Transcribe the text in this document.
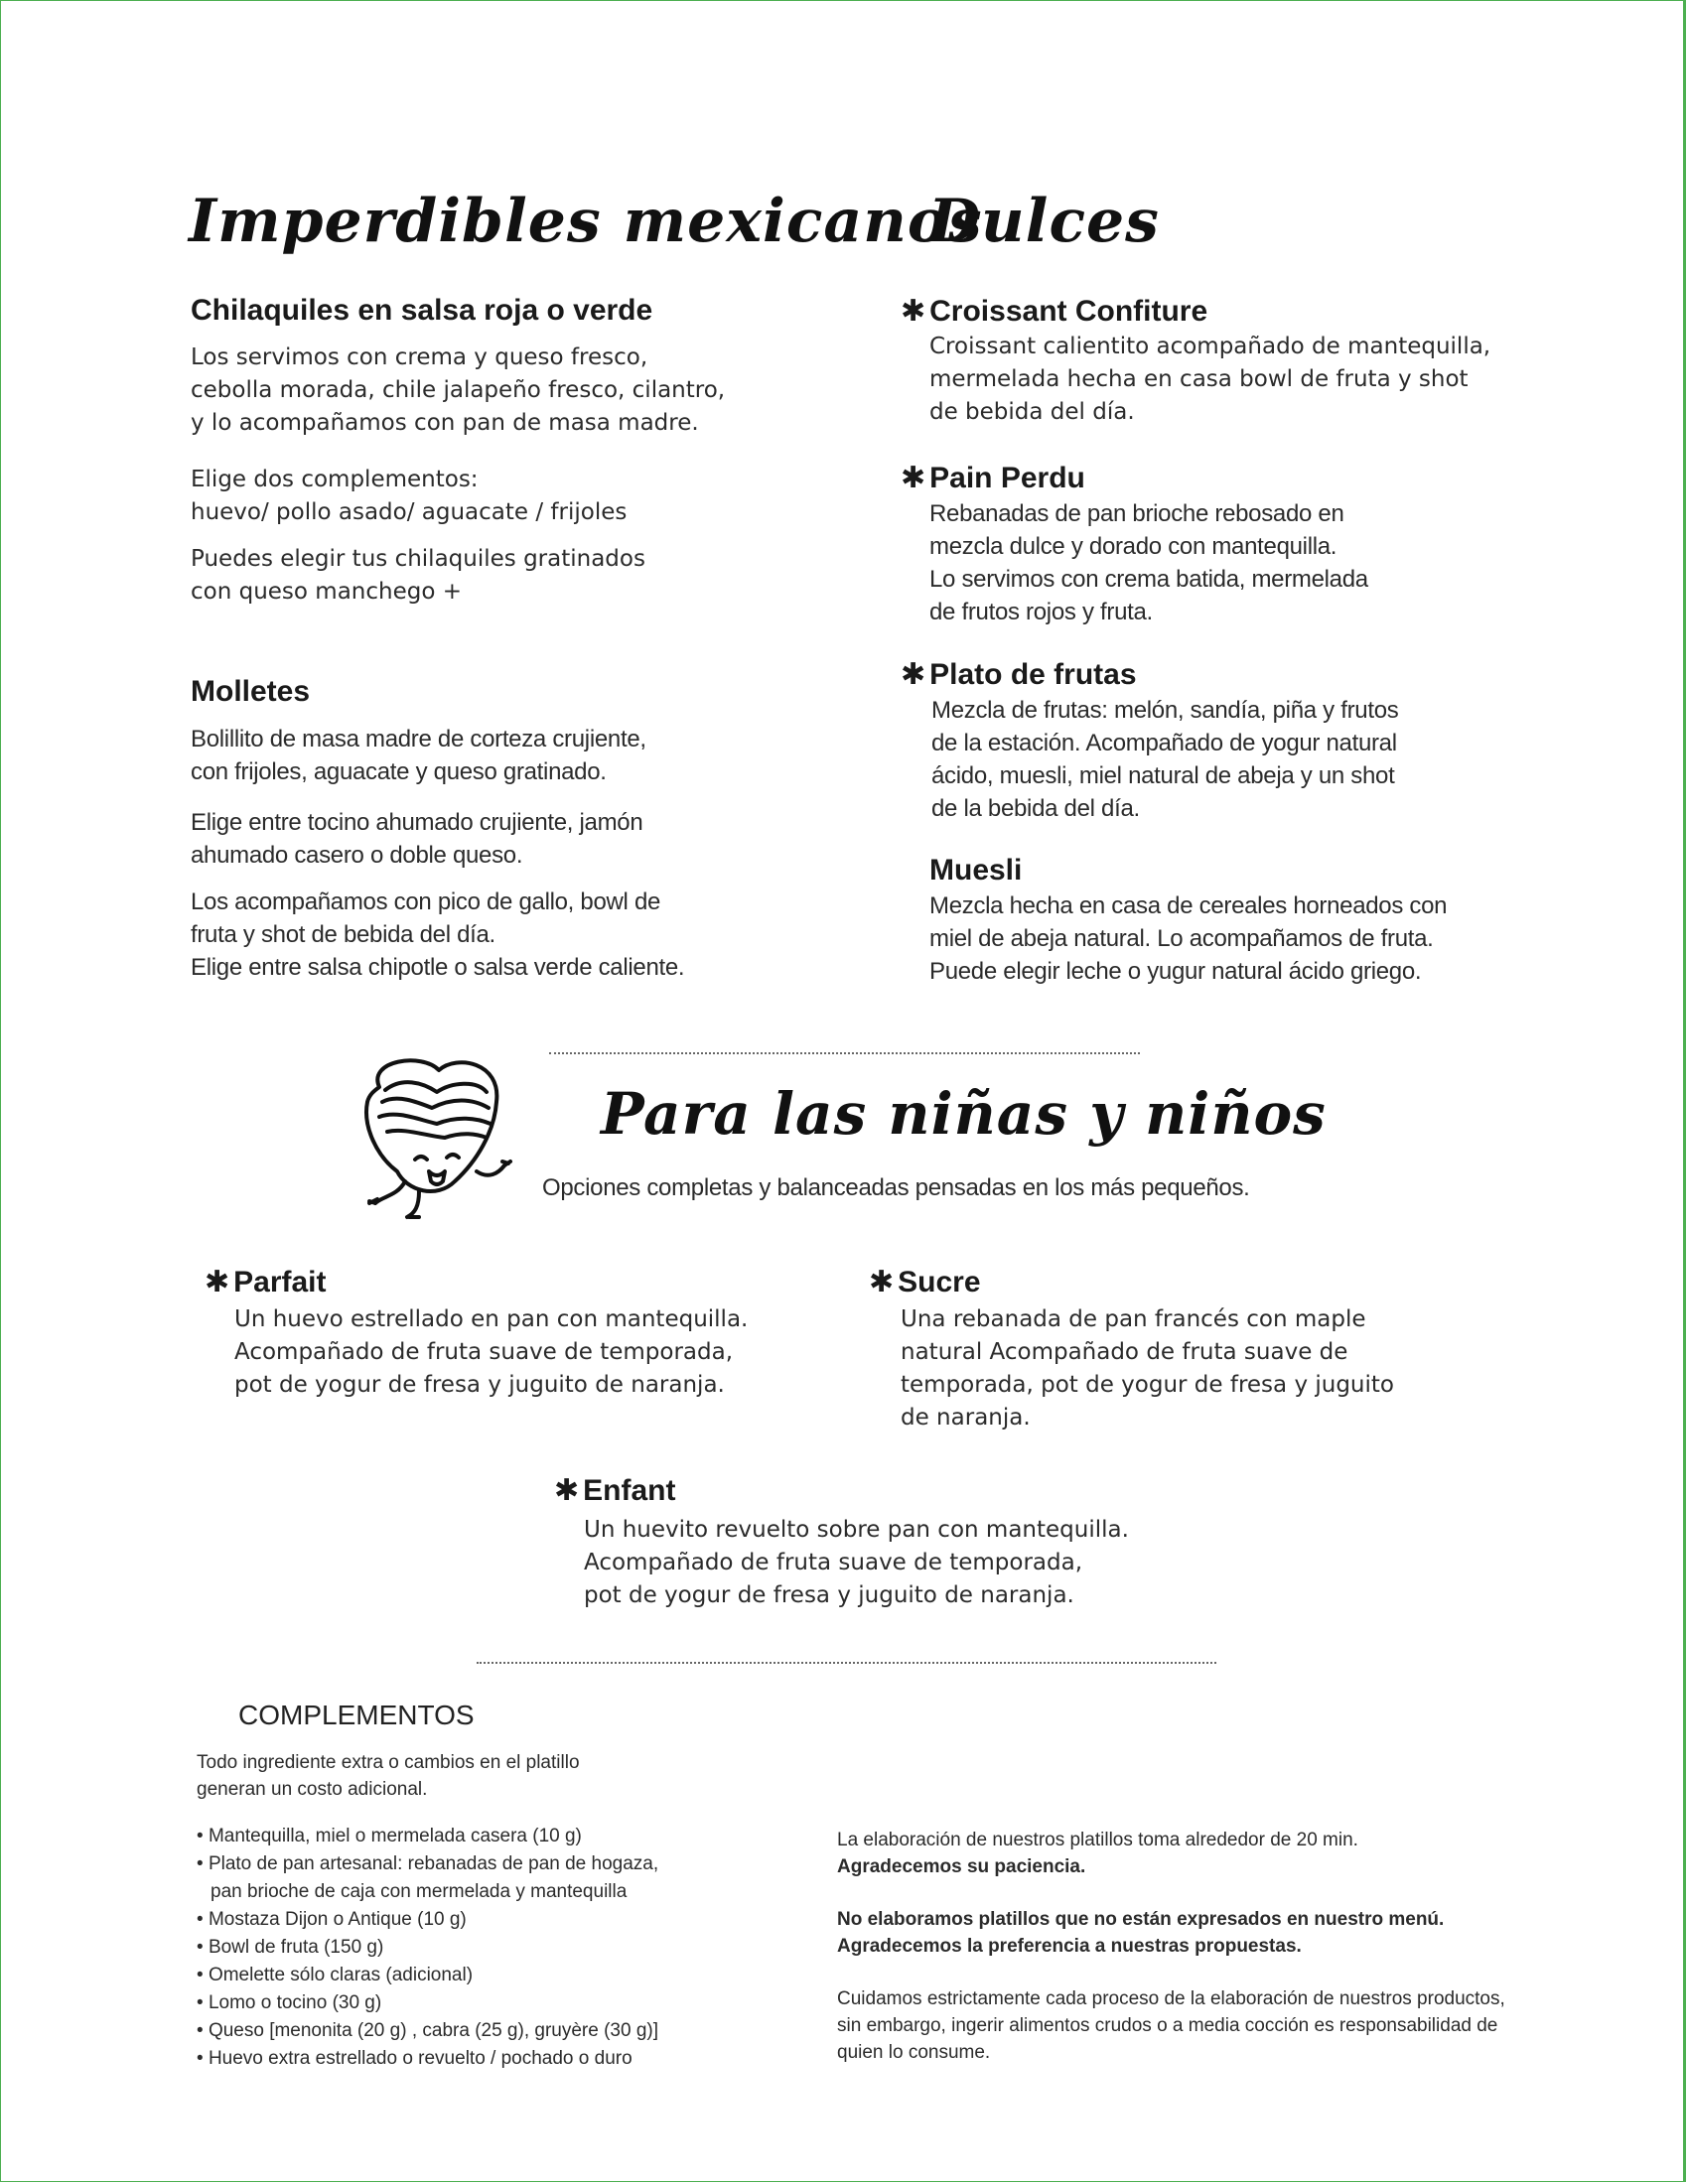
Imperdibles mexicanos
Chilaquiles en salsa roja o verde

Los servimos con crema y queso fresco,

cebolla morada, chile jalapeño fresco, cilantro,

y lo acompañamos con pan de masa madre.

Elige dos complementos:

huevo/ pollo asado/ aguacate / frijoles

Puedes elegir tus chilaquiles gratinados

con queso manchego +

Molletes

Bolillito de masa madre de corteza crujiente,

con frijoles, aguacate y queso gratinado.

Elige entre tocino ahumado crujiente, jamón

ahumado casero o doble queso.

Los acompañamos con pico de gallo, bowl de

fruta y shot de bebida del día.

Elige entre salsa chipotle o salsa verde caliente.

Dulces
✱ Croissant Confiture

Croissant calientito acompañado de mantequilla,

mermelada hecha en casa bowl de fruta y shot

de bebida del día.

✱ Pain Perdu

Rebanadas de pan brioche rebosado en

mezcla dulce y dorado con mantequilla.

Lo servimos con crema batida, mermelada

de frutos rojos y fruta.

✱ Plato de frutas

Mezcla de frutas: melón, sandía, piña y frutos

de la estación. Acompañado de yogur natural

ácido, muesli, miel natural de abeja y un shot

de la bebida del día.

Muesli

Mezcla hecha en casa de cereales horneados con

miel de abeja natural. Lo acompañamos de fruta.

Puede elegir leche o yugur natural ácido griego.

Para las niñas y niños

Opciones completas y balanceadas pensadas en los más pequeños.

✱ Parfait

Un huevo estrellado en pan con mantequilla.

Acompañado de fruta suave de temporada,

pot de yogur de fresa y juguito de naranja.

✱ Sucre

Una rebanada de pan francés con maple

natural Acompañado de fruta suave de

temporada, pot de yogur de fresa y juguito

de naranja.

✱ Enfant

Un huevito revuelto sobre pan con mantequilla.

Acompañado de fruta suave de temporada,

pot de yogur de fresa y juguito de naranja.

COMPLEMENTOS

Todo ingrediente extra o cambios en el platillo

generan un costo adicional.

• Mantequilla, miel o mermelada casera (10 g)
• Plato de pan artesanal: rebanadas de pan de hogaza, pan brioche de caja con mermelada y mantequilla
• Mostaza Dijon o Antique (10 g)
• Bowl de fruta (150 g)
• Omelette sólo claras (adicional)
• Lomo o tocino (30 g)
• Queso [menonita (20 g) , cabra (25 g), gruyère (30 g)]
• Huevo extra estrellado o revuelto / pochado o duro

La elaboración de nuestros platillos toma alrededor de 20 min.

Agradecemos su paciencia.

No elaboramos platillos que no están expresados en nuestro menú.

Agradecemos la preferencia a nuestras propuestas.

Cuidamos estrictamente cada proceso de la elaboración de nuestros productos,

sin embargo, ingerir alimentos crudos o a media cocción es responsabilidad de

quien lo consume.
